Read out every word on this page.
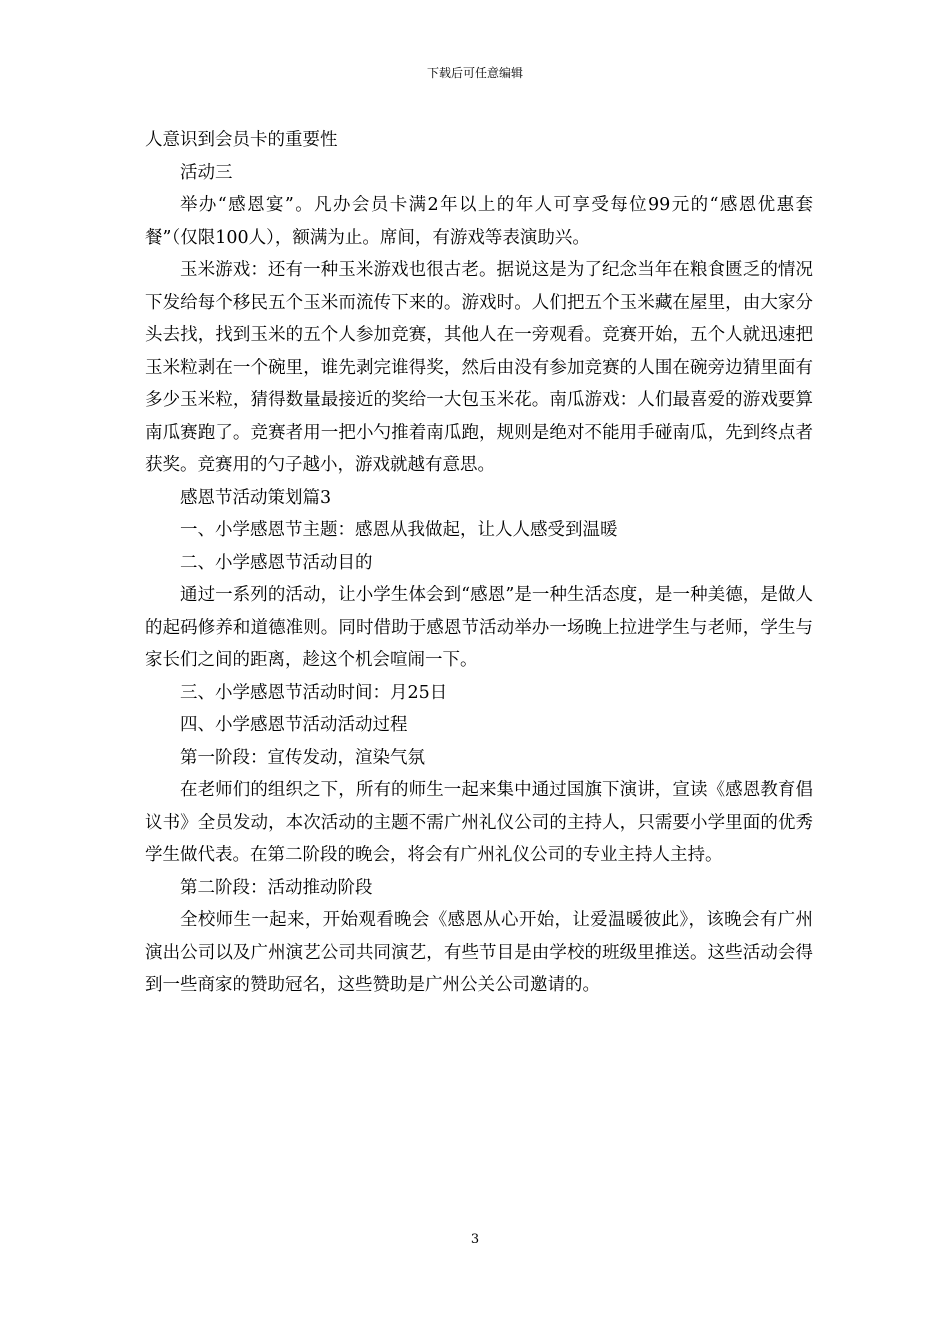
下载后可任意编辑

人意识到会员卡的重要性

活动三

举办“感恩宴”。凡办会员卡满2年以上的年人可享受每位99元的“感恩优惠套餐”（仅限100人），额满为止。席间，有游戏等表演助兴。

玉米游戏：还有一种玉米游戏也很古老。据说这是为了纪念当年在粮食匮乏的情况下发给每个移民五个玉米而流传下来的。游戏时。人们把五个玉米藏在屋里，由大家分头去找，找到玉米的五个人参加竞赛，其他人在一旁观看。竞赛开始，五个人就迅速把玉米粒剥在一个碗里，谁先剥完谁得奖，然后由没有参加竞赛的人围在碗旁边猜里面有多少玉米粒，猜得数量最接近的奖给一大包玉米花。南瓜游戏：人们最喜爱的游戏要算南瓜赛跑了。竞赛者用一把小勺推着南瓜跑，规则是绝对不能用手碰南瓜，先到终点者获奖。竞赛用的勺子越小，游戏就越有意思。

感恩节活动策划篇3

一、小学感恩节主题：感恩从我做起，让人人感受到温暖

二、小学感恩节活动目的

通过一系列的活动，让小学生体会到“感恩”是一种生活态度，是一种美德，是做人的起码修养和道德准则。同时借助于感恩节活动举办一场晚上拉进学生与老师，学生与家长们之间的距离，趁这个机会喧闹一下。

三、小学感恩节活动时间：月25日

四、小学感恩节活动活动过程

第一阶段：宣传发动，渲染气氛

在老师们的组织之下，所有的师生一起来集中通过国旗下演讲，宣读《感恩教育倡议书》全员发动，本次活动的主题不需广州礼仪公司的主持人，只需要小学里面的优秀学生做代表。在第二阶段的晚会，将会有广州礼仪公司的专业主持人主持。

第二阶段：活动推动阶段

全校师生一起来，开始观看晚会《感恩从心开始，让爱温暖彼此》，该晚会有广州演出公司以及广州演艺公司共同演艺，有些节目是由学校的班级里推送。这些活动会得到一些商家的赞助冠名，这些赞助是广州公关公司邀请的。

3
